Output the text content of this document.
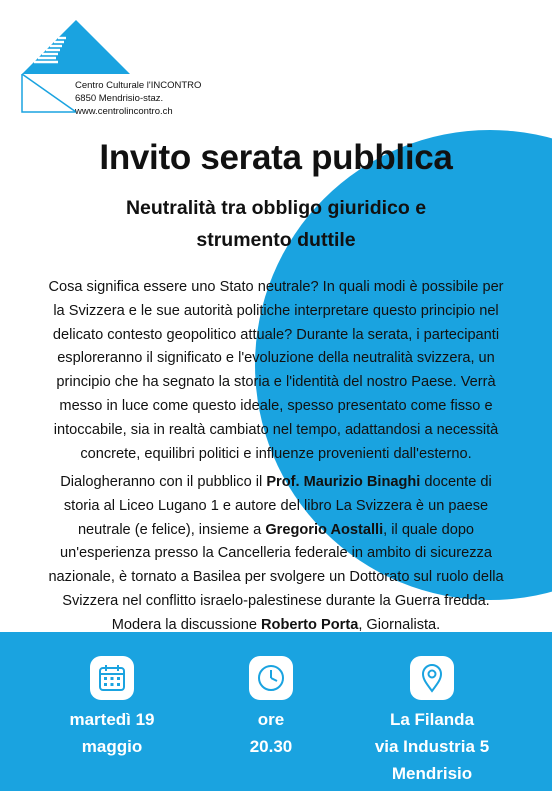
Centro Culturale l'INCONTRO
6850 Mendrisio-staz.
www.centrolincontro.ch
Invito serata pubblica
Neutralità tra obbligo giuridico e
strumento duttile
Cosa significa essere uno Stato neutrale? In quali modi è possibile per
la Svizzera e le sue autorità politiche interpretare questo principio nel
delicato contesto geopolitico attuale? Durante la serata, i partecipanti
esploreranno il significato e l'evoluzione della neutralità svizzera, un
principio che ha segnato la storia e l'identità del nostro Paese. Verrà
messo in luce come questo ideale, spesso presentato come fisso e
intoccabile, sia in realtà cambiato nel tempo, adattandosi a necessità
concrete, equilibri politici e influenze provenienti dall'esterno.
Dialogheranno con il pubblico il Prof. Maurizio Binaghi docente di
storia al Liceo Lugano 1 e autore del libro La Svizzera è un paese
neutrale (e felice), insieme a Gregorio Aostalli, il quale dopo
un'esperienza presso la Cancelleria federale in ambito di sicurezza
nazionale, è tornato a Basilea per svolgere un Dottorato sul ruolo della
Svizzera nel conflitto israelo-palestinese durante la Guerra fredda.
Modera la discussione Roberto Porta, Giornalista.
martedì 19
maggio
ore
20.30
La Filanda
via Industria 5
Mendrisio
